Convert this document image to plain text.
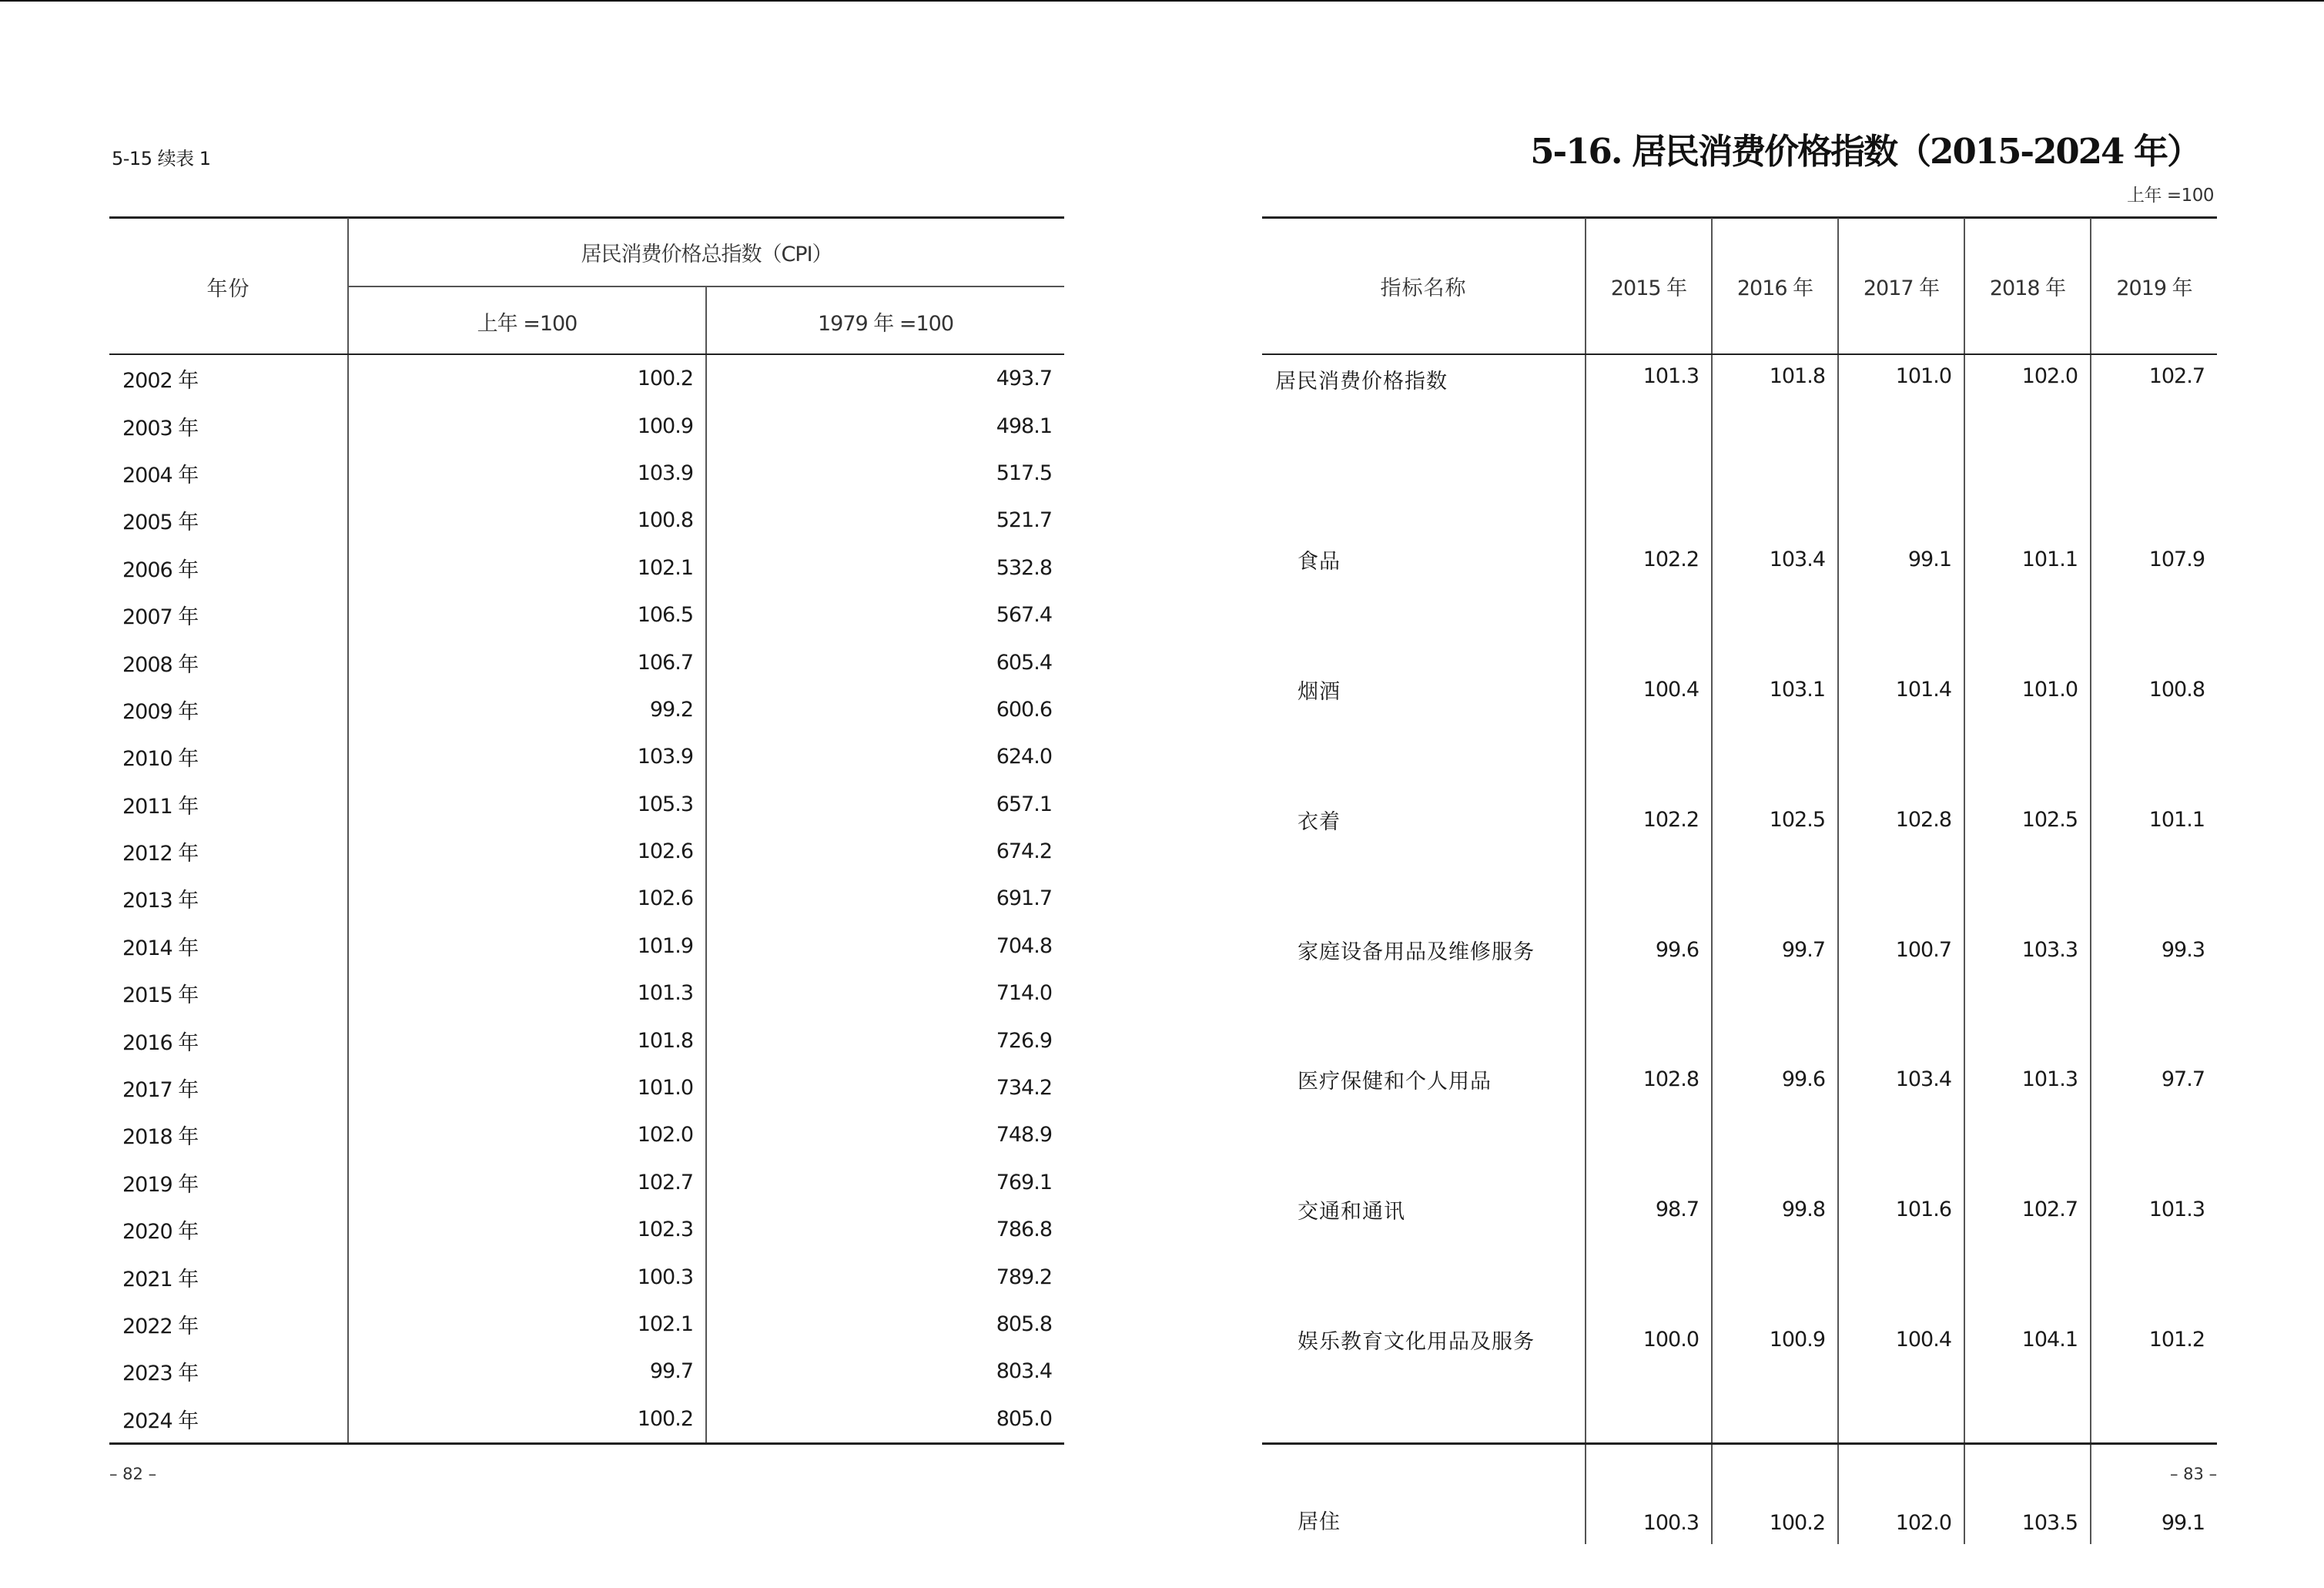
5-15 续表 1
年份	居民消费价格总指数（CPI）	
	上年 =100	1979 年 =100
2002 年	100.2	493.7
2003 年	100.9	498.1
2004 年	103.9	517.5
2005 年	100.8	521.7
2006 年	102.1	532.8
2007 年	106.5	567.4
2008 年	106.7	605.4
2009 年	99.2	600.6
2010 年	103.9	624.0
2011 年	105.3	657.1
2012 年	102.6	674.2
2013 年	102.6	691.7
2014 年	101.9	704.8
2015 年	101.3	714.0
2016 年	101.8	726.9
2017 年	101.0	734.2
2018 年	102.0	748.9
2019 年	102.7	769.1
2020 年	102.3	786.8
2021 年	100.3	789.2
2022 年	102.1	805.8
2023 年	99.7	803.4
2024 年	100.2	805.0
– 82 –
5-16. 居民消费价格指数（2015-2024 年）
上年 =100
指标名称	2015 年	2016 年	2017 年	2018 年	2019 年
居民消费价格指数	101.3	101.8	101.0	102.0	102.7
食品	102.2	103.4	99.1	101.1	107.9
烟酒	100.4	103.1	101.4	101.0	100.8
衣着	102.2	102.5	102.8	102.5	101.1
家庭设备用品及维修服务	99.6	99.7	100.7	103.3	99.3
医疗保健和个人用品	102.8	99.6	103.4	101.3	97.7
交通和通讯	98.7	99.8	101.6	102.7	101.3
娱乐教育文化用品及服务	100.0	100.9	100.4	104.1	101.2
居住	100.3	100.2	102.0	103.5	99.1
– 83 –
